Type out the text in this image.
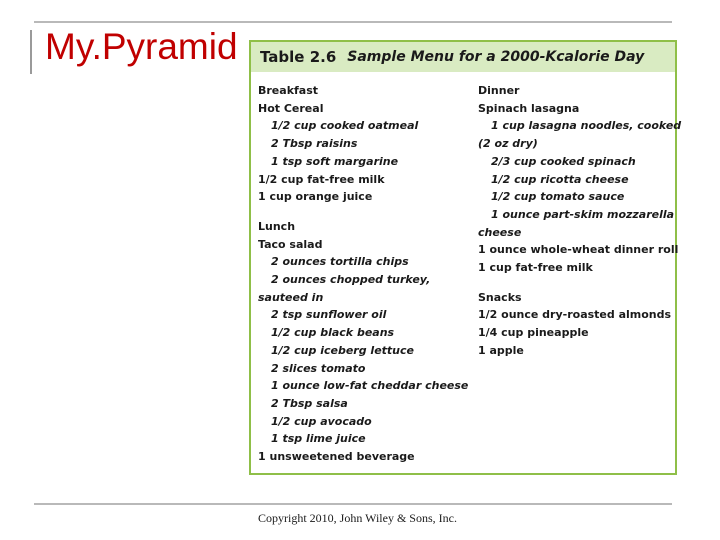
My.Pyramid Table 2.6 Sample Menu for a 2000-Kcalorie Day
Breakfast
Hot Cereal
1/2 cup cooked oatmeal
2 Tbsp raisins
1 tsp soft margarine
1/2 cup fat-free milk
1 cup orange juice
Lunch
Taco salad
2 ounces tortilla chips
2 ounces chopped turkey,
sauteed in
2 tsp sunflower oil
1/2 cup black beans
1/2 cup iceberg lettuce
2 slices tomato
1 ounce low-fat cheddar cheese
2 Tbsp salsa
1/2 cup avocado
1 tsp lime juice
1 unsweetened beverage
Dinner
Spinach lasagna
1 cup lasagna noodles, cooked
(2 oz dry)
2/3 cup cooked spinach
1/2 cup ricotta cheese
1/2 cup tomato sauce
1 ounce part-skim mozzarella
cheese
1 ounce whole-wheat dinner roll
1 cup fat-free milk
Snacks
1/2 ounce dry-roasted almonds
1/4 cup pineapple
1 apple
Copyright 2010, John Wiley & Sons, Inc.
